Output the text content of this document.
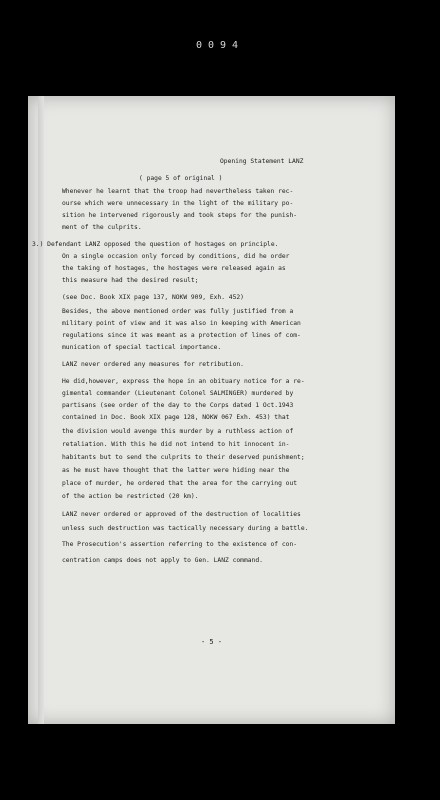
0094
Opening Statement LANZ
( page 5 of original )
Whenever he learnt that the troop had nevertheless taken rec-
ourse which were unnecessary in the light of the military po-
sition he intervened rigorously and took steps for the punish-
ment of the culprits.
3.) Defendant LANZ opposed the question of hostages on principle.
On a single occasion only forced by conditions, did he order
the taking of hostages, the hostages were released again as
this measure had the desired result;
(see Doc. Book XIX page 137, NOKW 909, Exh. 452)
Besides, the above mentioned order was fully justified from a
military point of view and it was also in keeping with American
regulations since it was meant as a protection of lines of com-
munication of special tactical importance.
LANZ never ordered any measures for retribution.
He did,however, express the hope in an obituary notice for a re-
gimental commander (Lieutenant Colonel SALMINGER) murdered by
partisans (see order of the day to the Corps dated 1 Oct.1943
contained in Doc. Book XIX page 128, NOKW 067 Exh. 453) that
the division would avenge this murder by a ruthless action of
retaliation. With this he did not intend to hit innocent in-
habitants but to send the culprits to their deserved punishment;
as he must have thought that the latter were hiding near the
place of murder, he ordered that the area for the carrying out
of the action be restricted (20 km).
LANZ never ordered or approved of the destruction of localities
unless such destruction was tactically necessary during a battle.
The Prosecution's assertion referring to the existence of con-
centration camps does not apply to Gen. LANZ command.
- 5 -
